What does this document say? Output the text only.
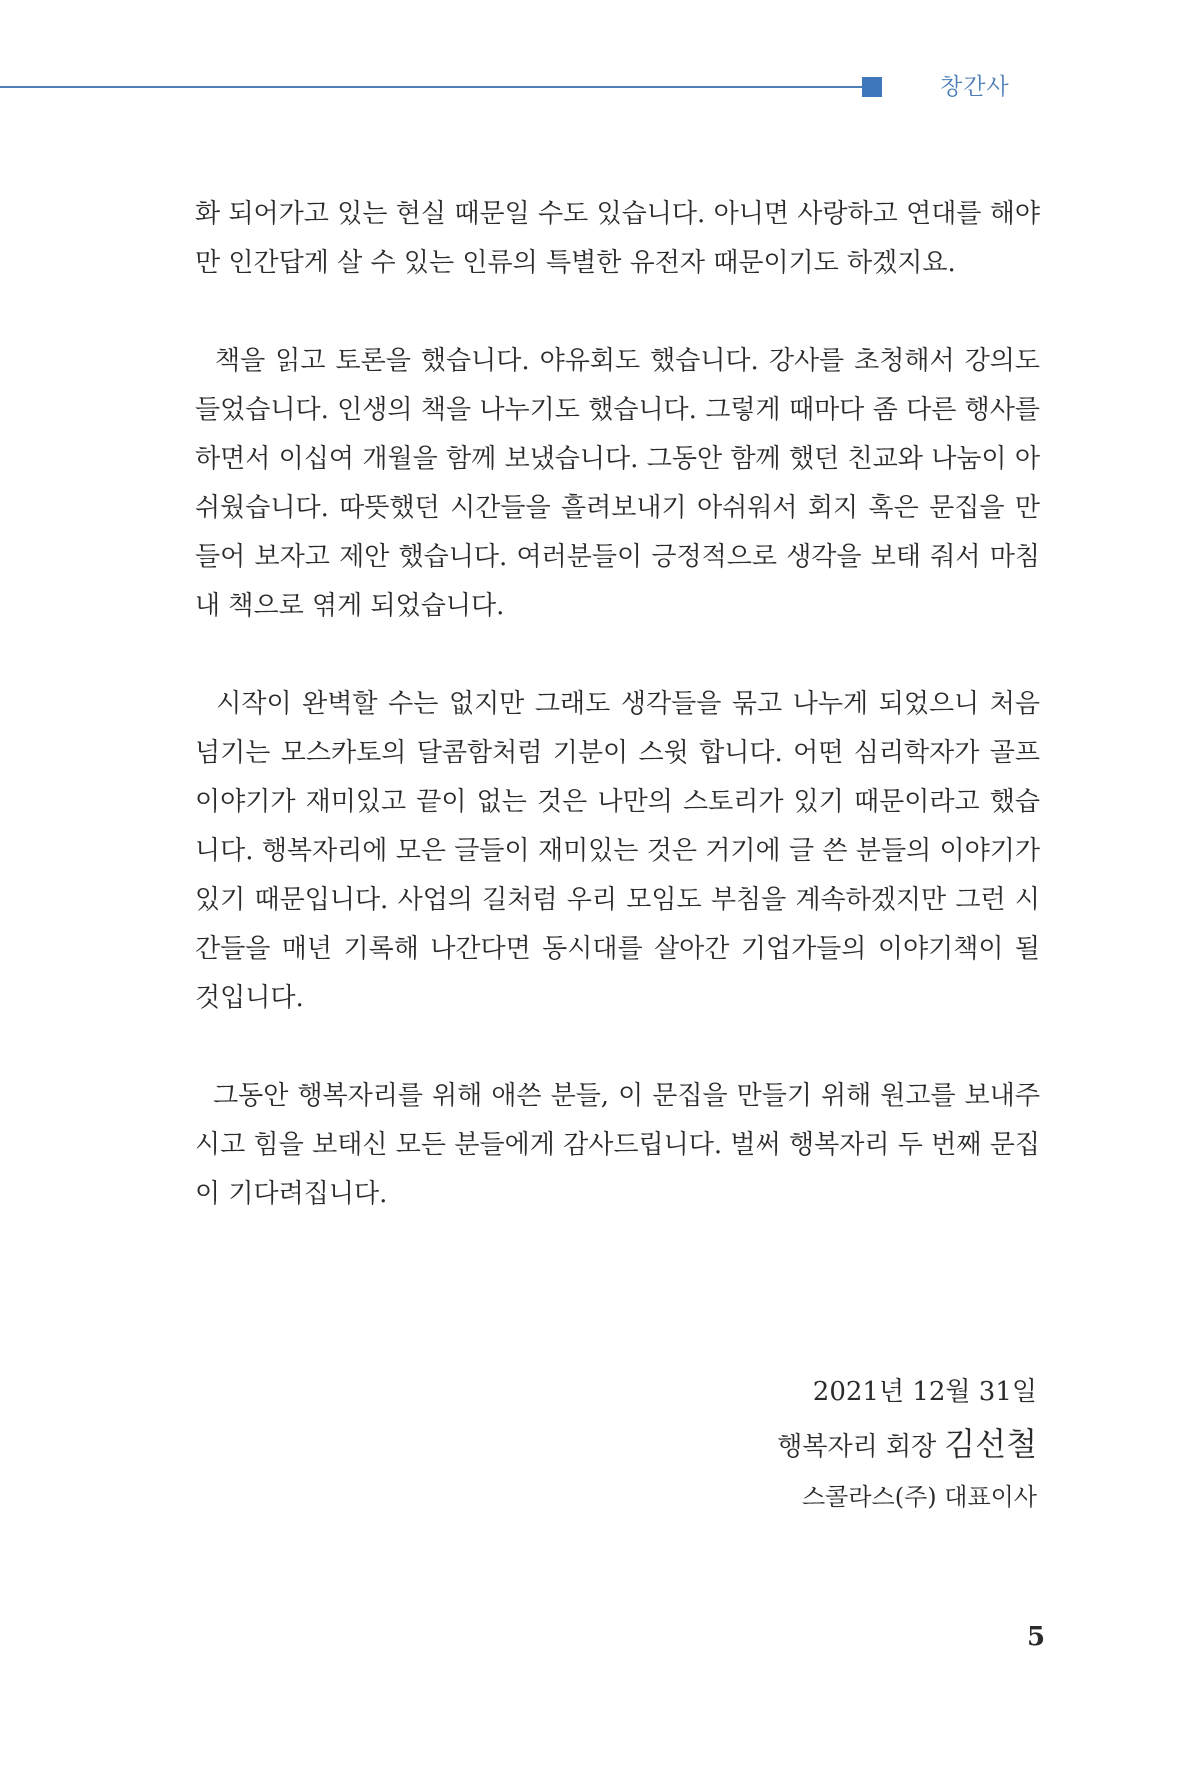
창간사

화 되어가고 있는 현실 때문일 수도 있습니다. 아니면 사랑하고 연대를 해야만 인간답게 살 수 있는 인류의 특별한 유전자 때문이기도 하겠지요.

책을 읽고 토론을 했습니다. 야유회도 했습니다. 강사를 초청해서 강의도 들었습니다. 인생의 책을 나누기도 했습니다. 그렇게 때마다 좀 다른 행사를 하면서 이십여 개월을 함께 보냈습니다. 그동안 함께 했던 친교와 나눔이 아쉬웠습니다. 따뜻했던 시간들을 흘려보내기 아쉬워서 회지 혹은 문집을 만들어 보자고 제안 했습니다. 여러분들이 긍정적으로 생각을 보태 줘서 마침내 책으로 엮게 되었습니다.

시작이 완벽할 수는 없지만 그래도 생각들을 묶고 나누게 되었으니 처음 넘기는 모스카토의 달콤함처럼 기분이 스윗 합니다. 어떤 심리학자가 골프 이야기가 재미있고 끝이 없는 것은 나만의 스토리가 있기 때문이라고 했습니다. 행복자리에 모은 글들이 재미있는 것은 거기에 글 쓴 분들의 이야기가 있기 때문입니다. 사업의 길처럼 우리 모임도 부침을 계속하겠지만 그런 시간들을 매년 기록해 나간다면 동시대를 살아간 기업가들의 이야기책이 될 것입니다.

그동안 행복자리를 위해 애쓴 분들, 이 문집을 만들기 위해 원고를 보내주시고 힘을 보태신 모든 분들에게 감사드립니다. 벌써 행복자리 두 번째 문집이 기다려집니다.

2021년 12월 31일
행복자리 회장 김선철
스콜라스(주) 대표이사
5
